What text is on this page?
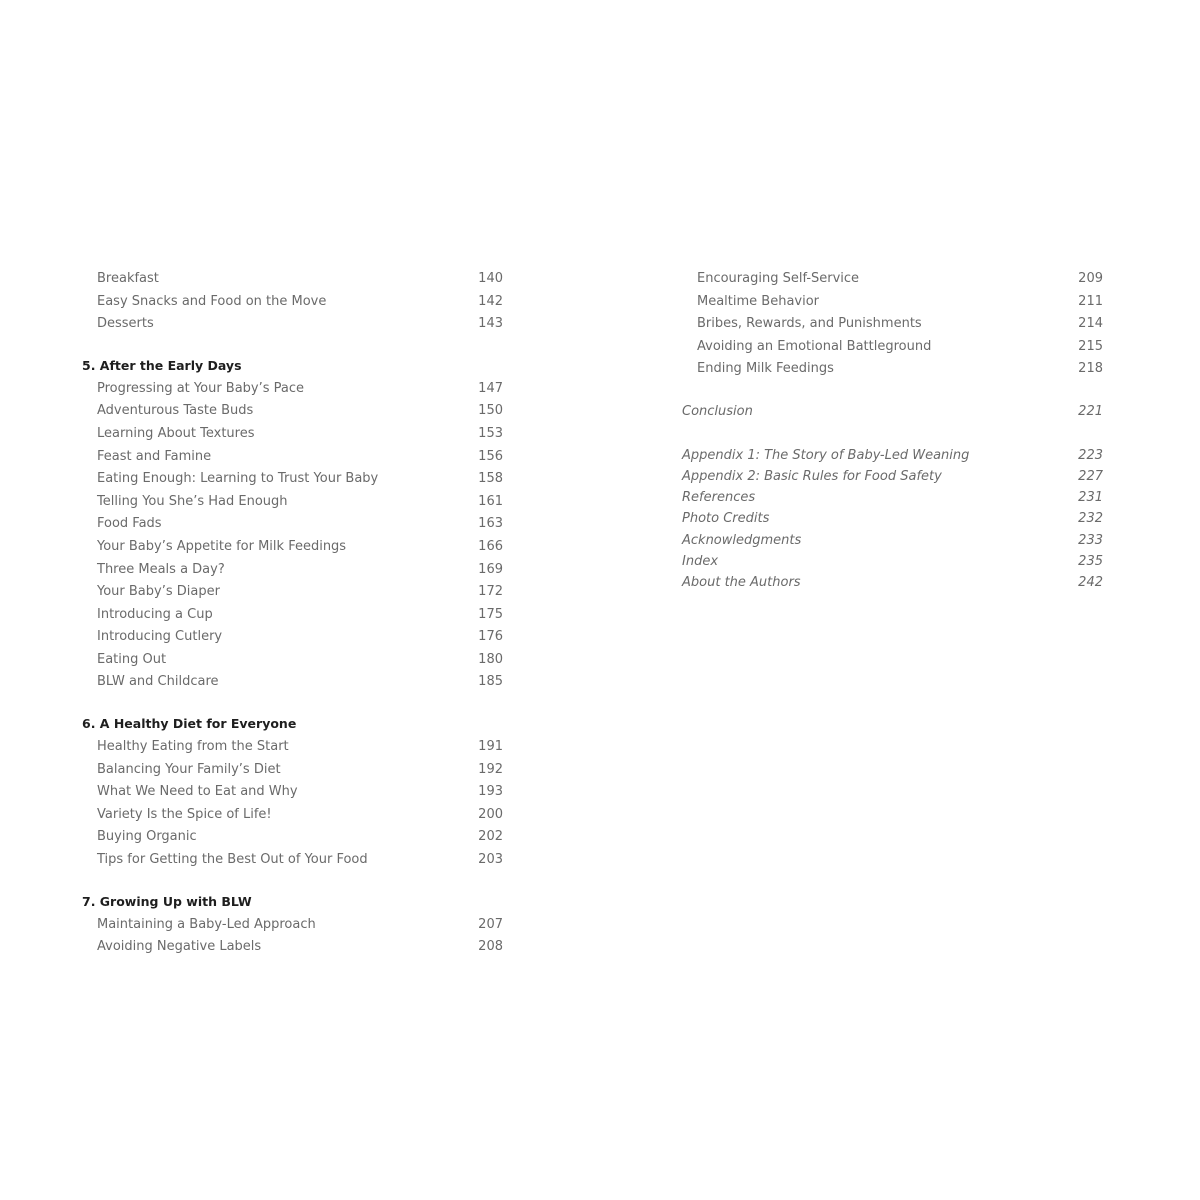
Breakfast	140
Easy Snacks and Food on the Move	142
Desserts	143
5. After the Early Days
Progressing at Your Baby’s Pace	147
Adventurous Taste Buds	150
Learning About Textures	153
Feast and Famine	156
Eating Enough: Learning to Trust Your Baby	158
Telling You She’s Had Enough	161
Food Fads	163
Your Baby’s Appetite for Milk Feedings	166
Three Meals a Day?	169
Your Baby’s Diaper	172
Introducing a Cup	175
Introducing Cutlery	176
Eating Out	180
BLW and Childcare	185
6. A Healthy Diet for Everyone
Healthy Eating from the Start	191
Balancing Your Family’s Diet	192
What We Need to Eat and Why	193
Variety Is the Spice of Life!	200
Buying Organic	202
Tips for Getting the Best Out of Your Food	203
7. Growing Up with BLW
Maintaining a Baby-Led Approach	207
Avoiding Negative Labels	208
Encouraging Self-Service	209
Mealtime Behavior	211
Bribes, Rewards, and Punishments	214
Avoiding an Emotional Battleground	215
Ending Milk Feedings	218
Conclusion	221
Appendix 1: The Story of Baby-Led Weaning	223
Appendix 2: Basic Rules for Food Safety	227
References	231
Photo Credits	232
Acknowledgments	233
Index	235
About the Authors	242
